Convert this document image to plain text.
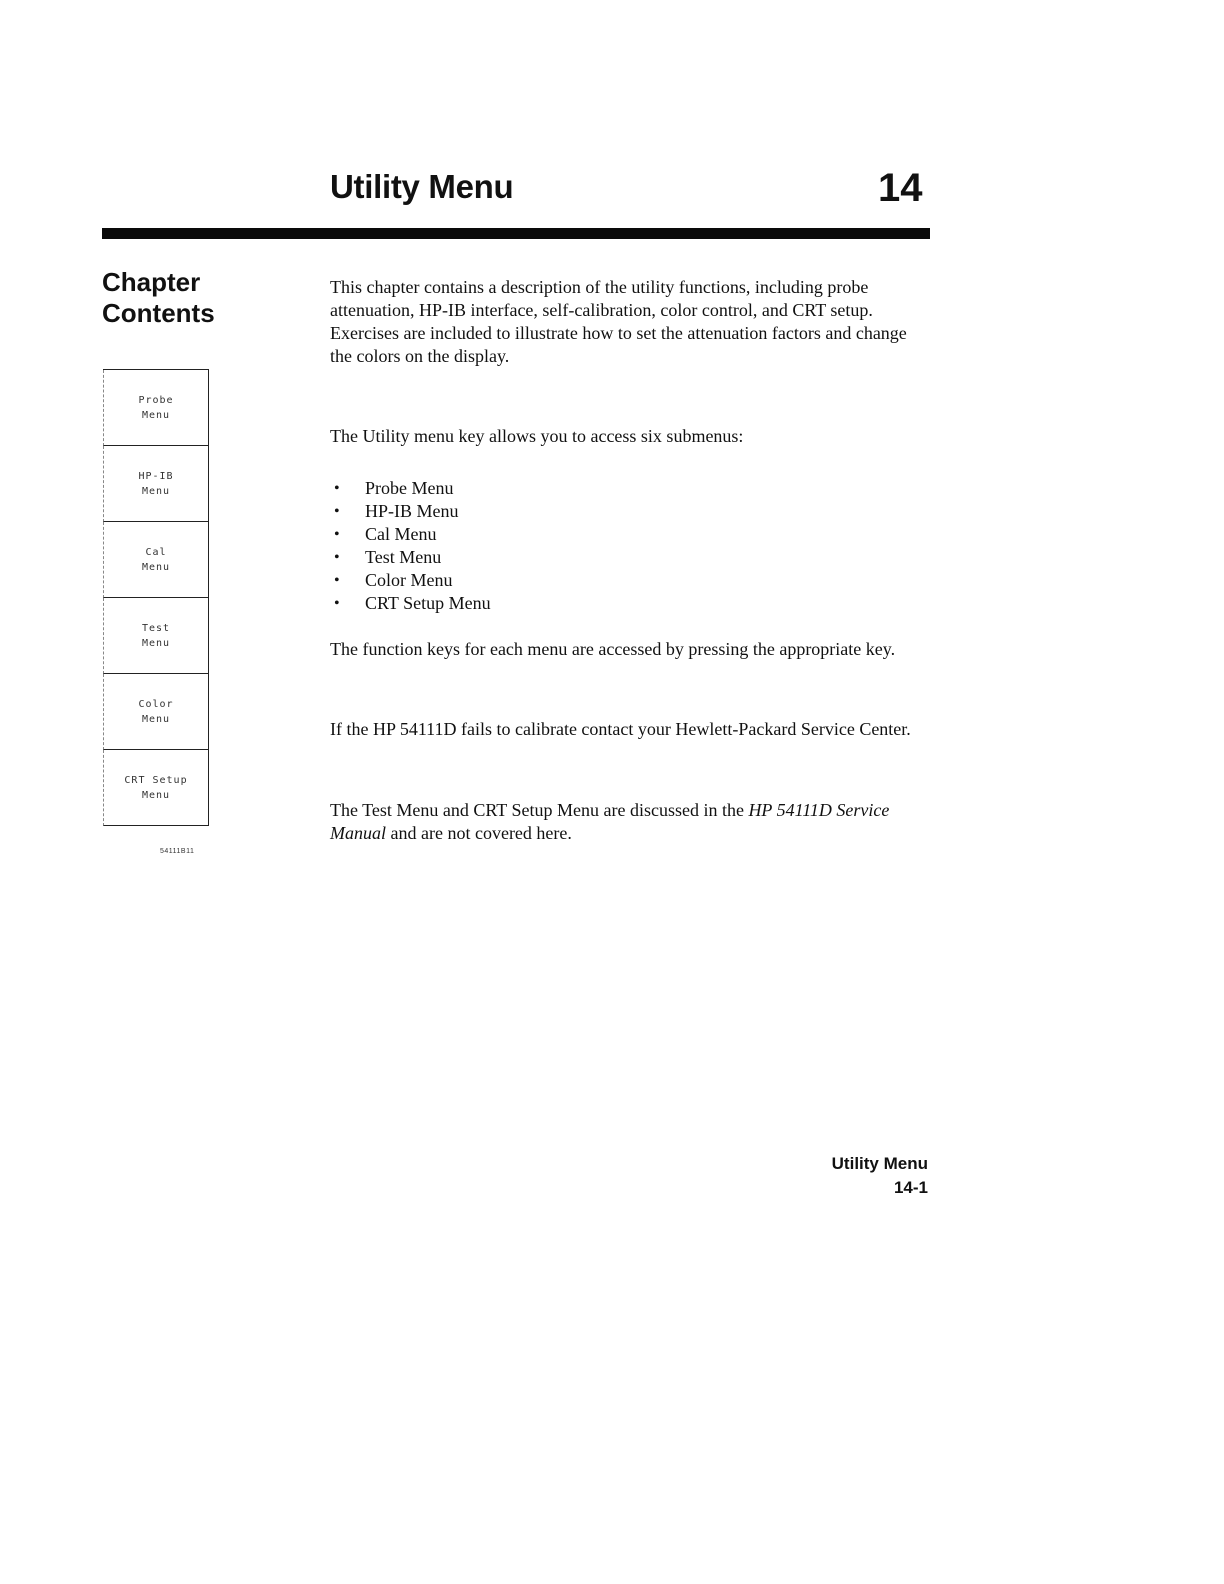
Utility Menu	14
Chapter
Contents
Probe
Menu
HP-IB
Menu
Cal
Menu
Test
Menu
Color
Menu
CRT Setup
Menu
54111B11

This chapter contains a description of the utility functions, including probe attenuation, HP-IB interface, self-calibration, color control, and CRT setup. Exercises are included to illustrate how to set the attenuation factors and change the colors on the display.

The Utility menu key allows you to access six submenus:

• Probe Menu
• HP-IB Menu
• Cal Menu
• Test Menu
• Color Menu
• CRT Setup Menu

The function keys for each menu are accessed by pressing the appropriate key.

If the HP 54111D fails to calibrate contact your Hewlett-Packard Service Center.

The Test Menu and CRT Setup Menu are discussed in the HP 54111D Service Manual and are not covered here.

Utility Menu
14-1
